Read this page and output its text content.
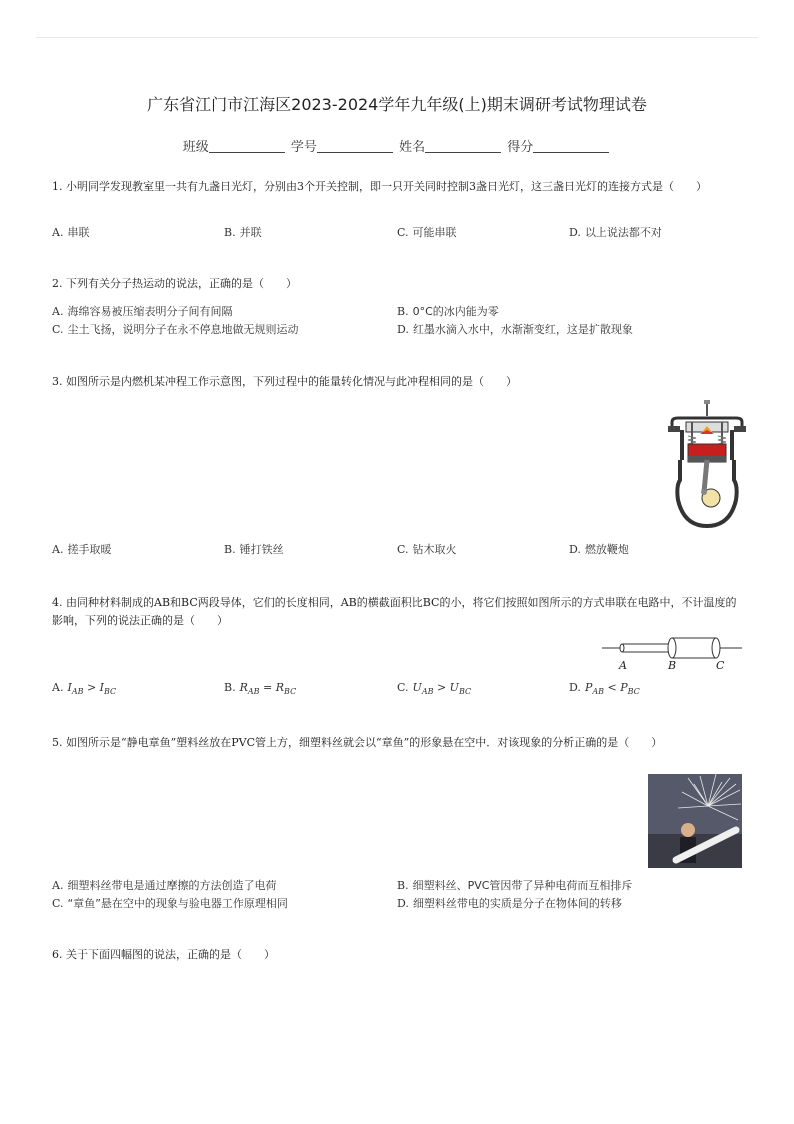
广东省江门市江海区2023-2024学年九年级(上)期末调研考试物理试卷
班级	学号	姓名	得分
1. 小明同学发现教室里一共有九盏日光灯，分别由3个开关控制，即一只开关同时控制3盏日光灯，这三盏日光灯的连接方式是（　　）
A. 串联	B. 并联	C. 可能串联	D. 以上说法都不对
2. 下列有关分子热运动的说法，正确的是（　　）
A. 海绵容易被压缩表明分子间有间隔	B. 0°C的冰内能为零
C. 尘土飞扬，说明分子在永不停息地做无规则运动	D. 红墨水滴入水中，水渐渐变红，这是扩散现象
3. 如图所示是内燃机某冲程工作示意图，下列过程中的能量转化情况与此冲程相同的是（　　）
A. 搓手取暖	B. 锤打铁丝	C. 钻木取火	D. 燃放鞭炮
4. 由同种材料制成的AB和BC两段导体，它们的长度相同，AB的横截面积比BC的小，将它们按照如图所示的方式串联在电路中，不计温度的影响，下列的说法正确的是（　　）
A	B	C
A. $I_{AB} > I_{BC}$	B. $R_{AB} = R_{BC}$	C. $U_{AB} > U_{BC}$	D. $P_{AB} < P_{BC}$
5. 如图所示是“静电章鱼”塑料丝放在PVC管上方，细塑料丝就会以“章鱼”的形象悬在空中．对该现象的分析正确的是（　　）
A. 细塑料丝带电是通过摩擦的方法创造了电荷	B. 细塑料丝、PVC管因带了异种电荷而互相排斥
C. “章鱼”悬在空中的现象与验电器工作原理相同	D. 细塑料丝带电的实质是分子在物体间的转移
6. 关于下面四幅图的说法，正确的是（　　）
